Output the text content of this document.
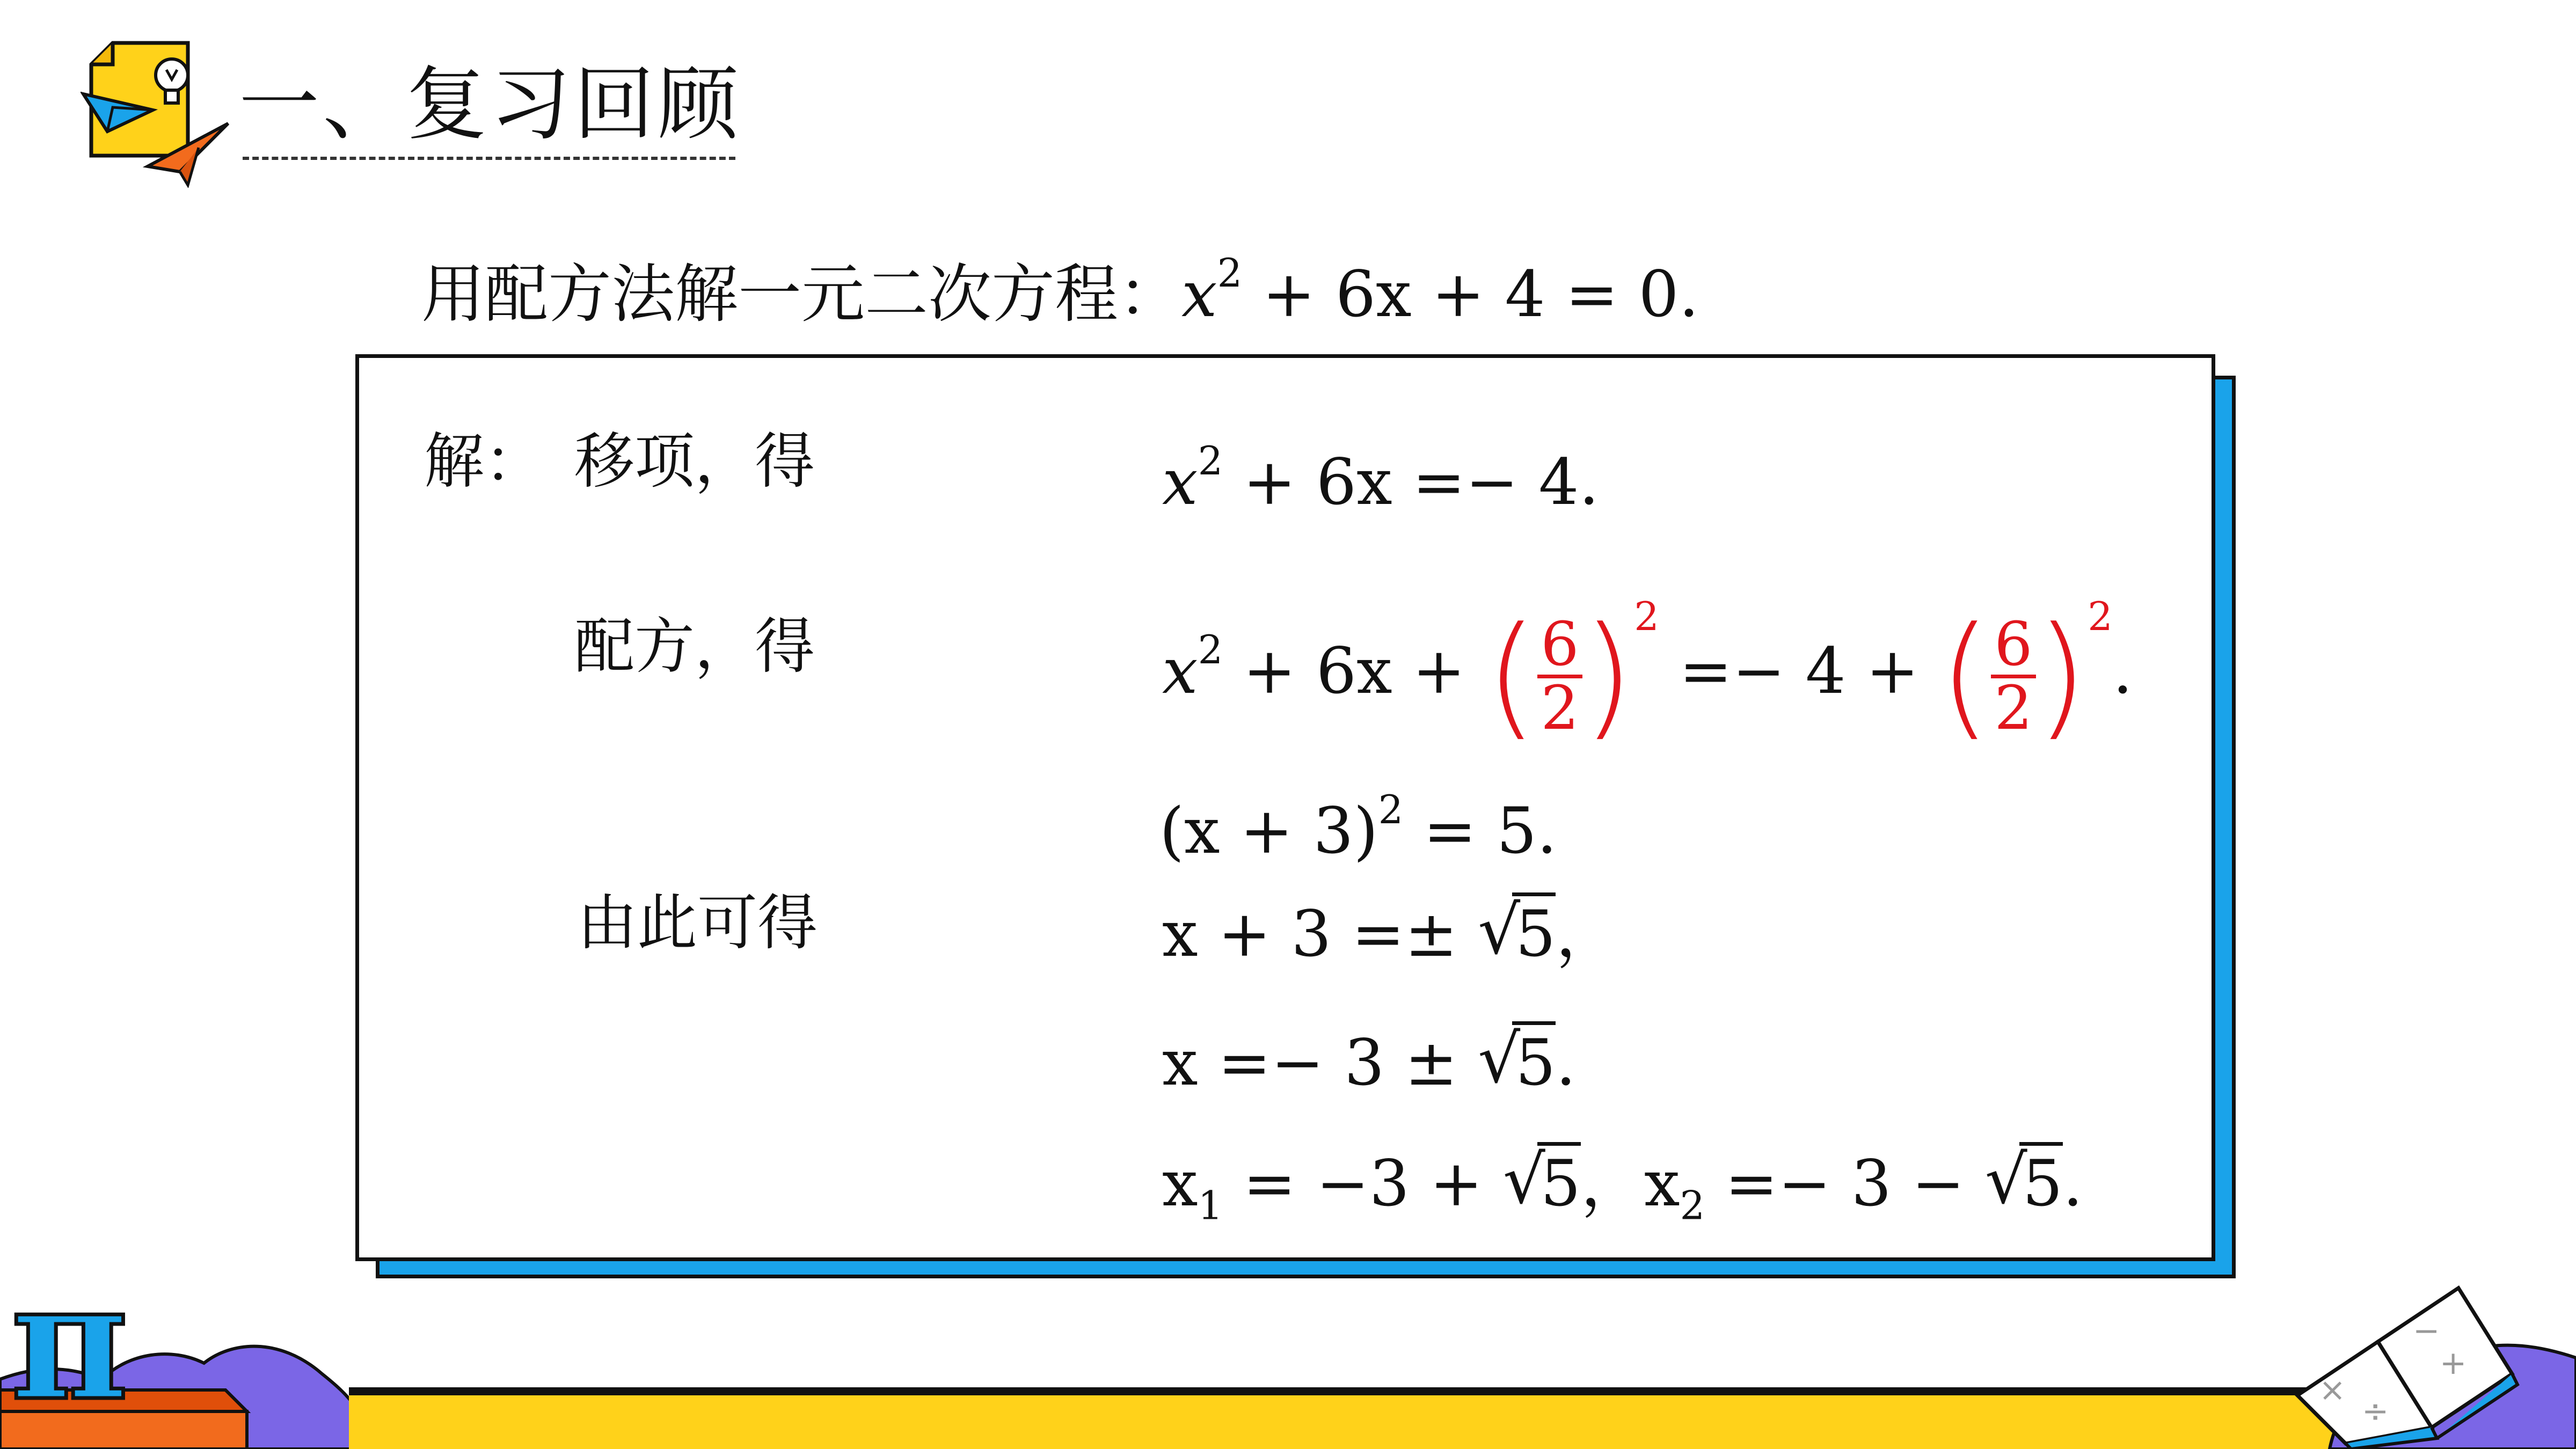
一、复习回顾
用配方法解一元二次方程：$x^2 + 6x + 4 = 0$.
解： 移项，得	$x^2 + 6x =- 4$.
配方，得	$x^2 + 6x$ + ( $\frac{6}{2} )^2 =- 4$ + ( $\frac{6}{2} )^2$.
$(x + 3)^2 = 5$.
由此可得	x + 3 =± √
5，
x =− 3 ± √
5.
$x_1 = -3$ + √
5，$x_2 =- 3$ − √
5.
π	×
÷
−
+
